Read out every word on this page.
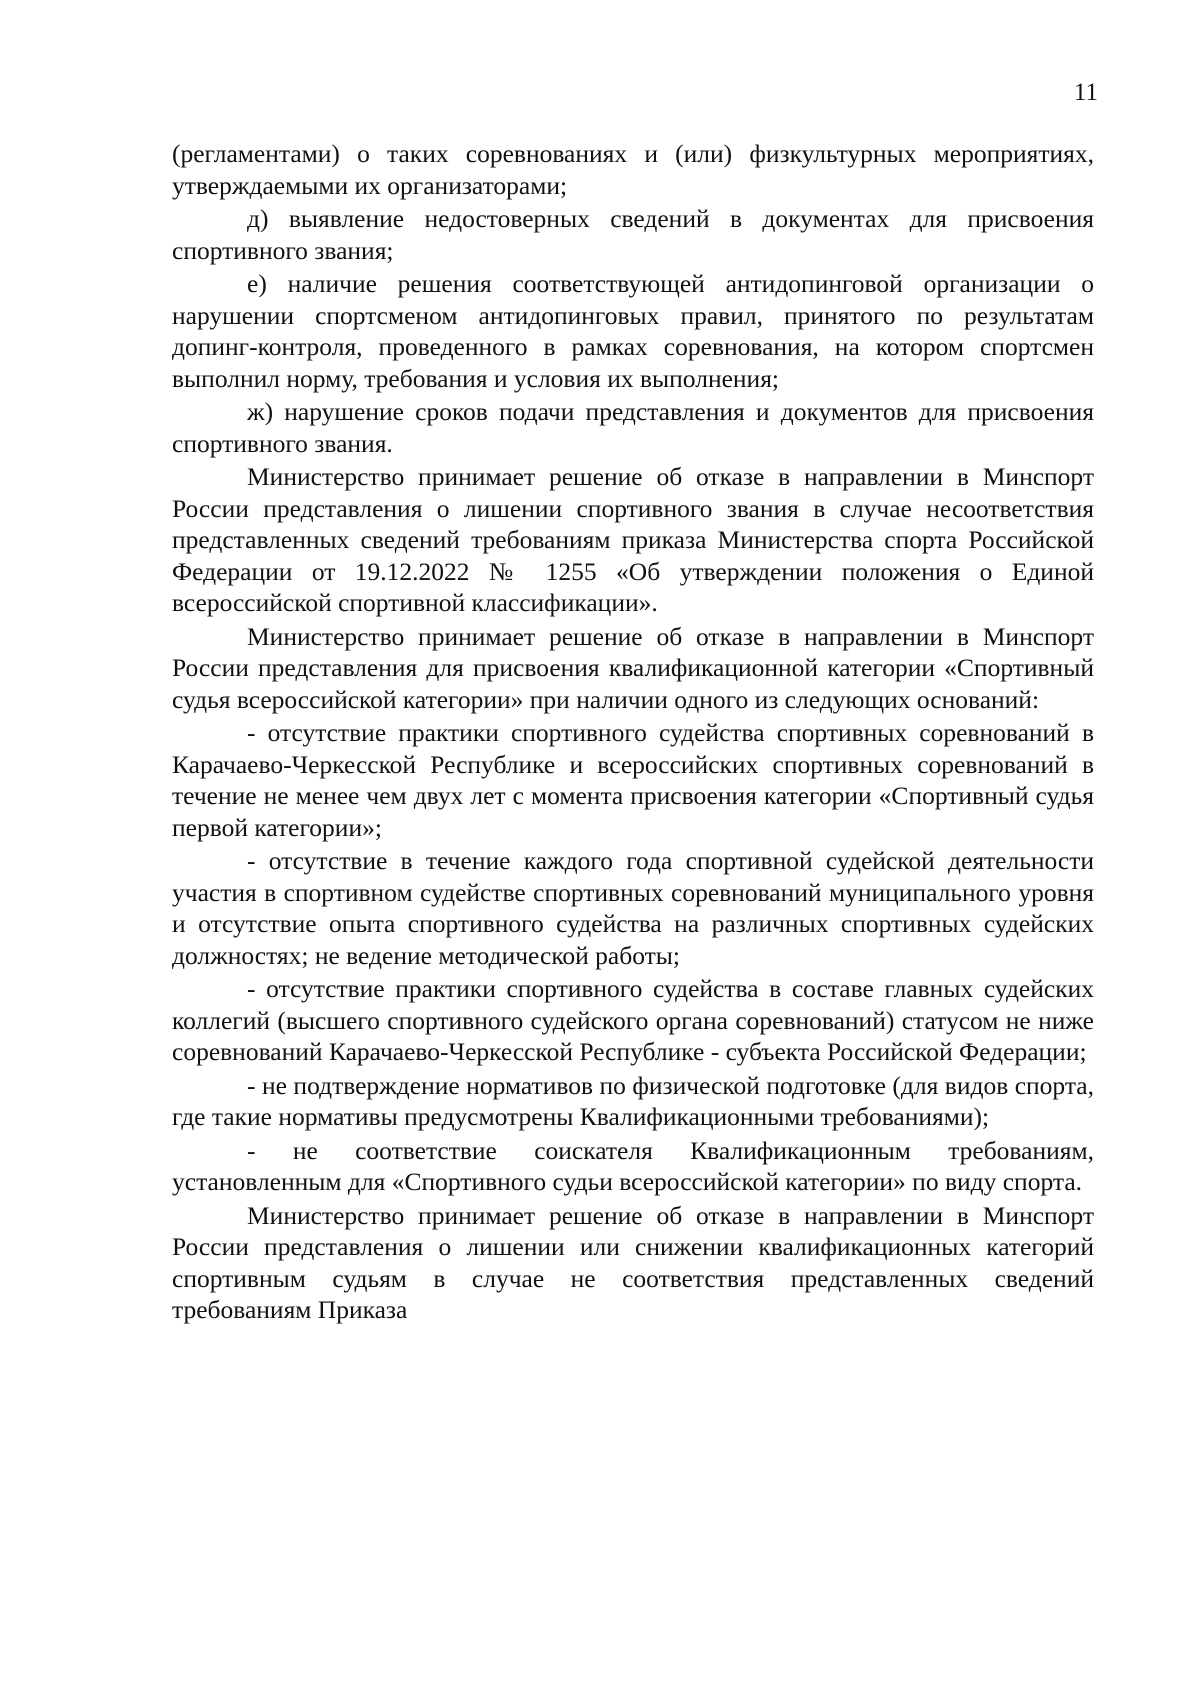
11

(регламентами) о таких соревнованиях и (или) физкультурных мероприятиях, утверждаемыми их организаторами;

д) выявление недостоверных сведений в документах для присвоения спортивного звания;

е) наличие решения соответствующей антидопинговой организации о нарушении спортсменом антидопинговых правил, принятого по результатам допинг-контроля, проведенного в рамках соревнования, на котором спортсмен выполнил норму, требования и условия их выполнения;

ж) нарушение сроков подачи представления и документов для присвоения спортивного звания.

Министерство принимает решение об отказе в направлении в Минспорт России представления о лишении спортивного звания в случае несоответствия представленных сведений требованиям приказа Министерства спорта Российской Федерации от 19.12.2022 № 1255 «Об утверждении положения о Единой всероссийской спортивной классификации».

Министерство принимает решение об отказе в направлении в Минспорт России представления для присвоения квалификационной категории «Спортивный судья всероссийской категории» при наличии одного из следующих оснований:

- отсутствие практики спортивного судейства спортивных соревнований в Карачаево-Черкесской Республике и всероссийских спортивных соревнований в течение не менее чем двух лет с момента присвоения категории «Спортивный судья первой категории»;

- отсутствие в течение каждого года спортивной судейской деятельности участия в спортивном судействе спортивных соревнований муниципального уровня и отсутствие опыта спортивного судейства на различных спортивных судейских должностях; не ведение методической работы;

- отсутствие практики спортивного судейства в составе главных судейских коллегий (высшего спортивного судейского органа соревнований) статусом не ниже соревнований Карачаево-Черкесской Республике - субъекта Российской Федерации;

- не подтверждение нормативов по физической подготовке (для видов спорта, где такие нормативы предусмотрены Квалификационными требованиями);

- не соответствие соискателя Квалификационным требованиям, установленным для «Спортивного судьи всероссийской категории» по виду спорта.

Министерство принимает решение об отказе в направлении в Минспорт России представления о лишении или снижении квалификационных категорий спортивным судьям в случае не соответствия представленных сведений требованиям Приказа
